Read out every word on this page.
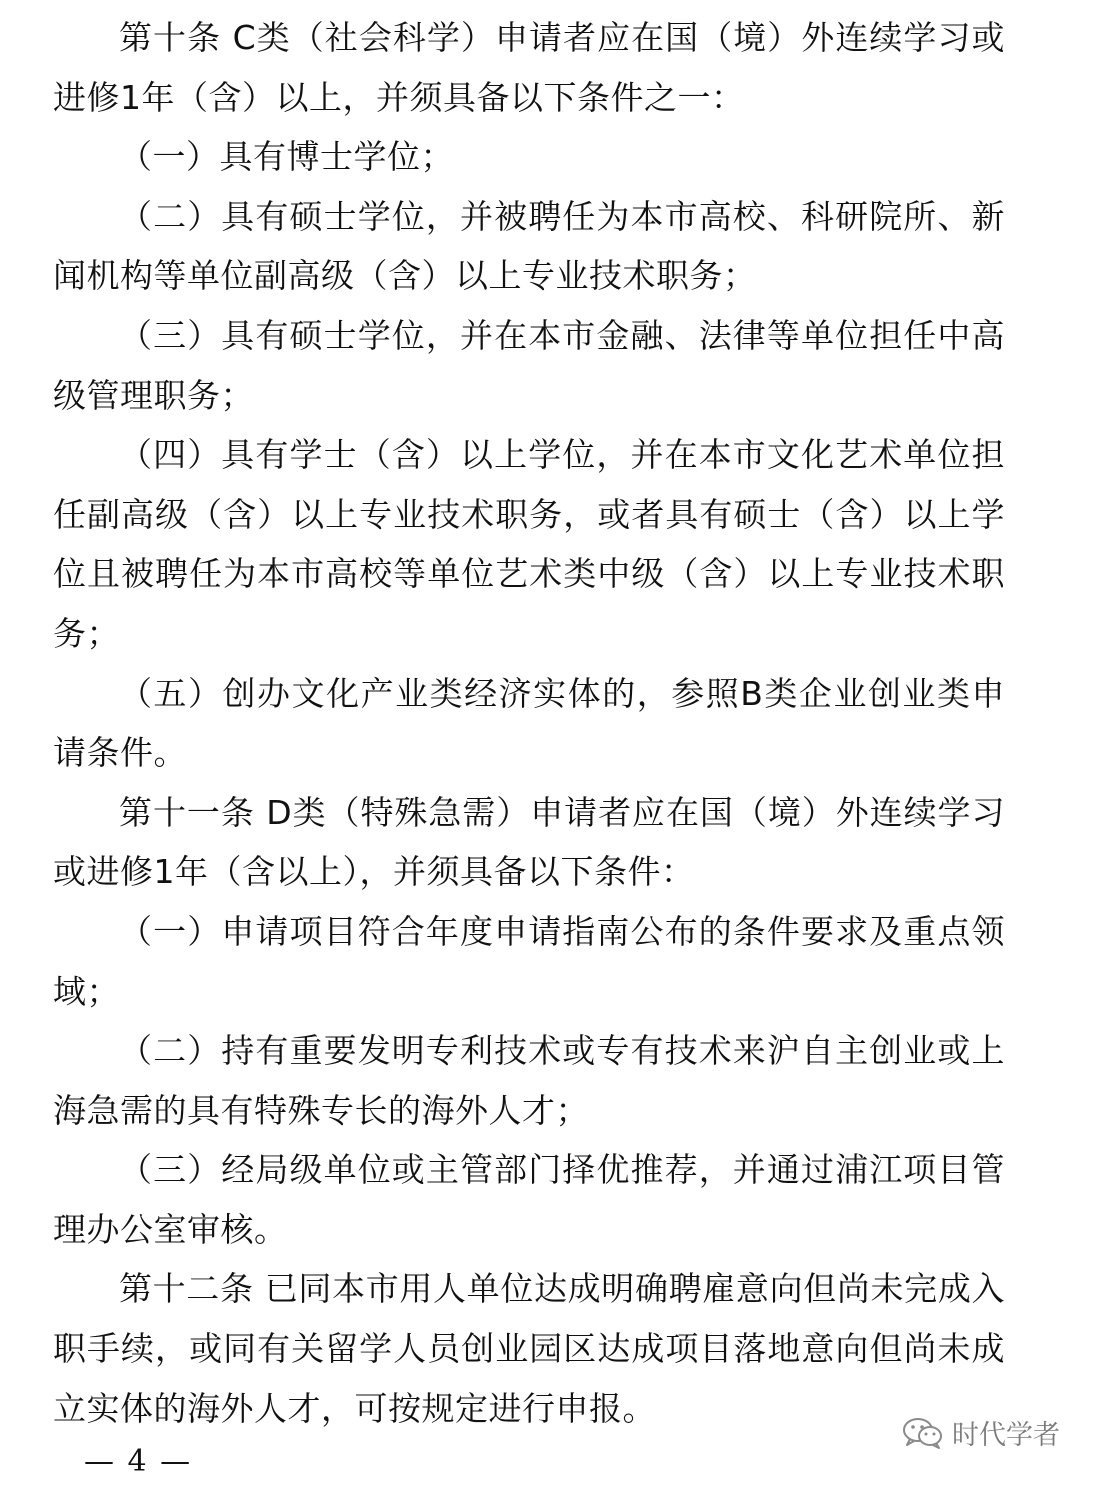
第十条 C类（社会科学）申请者应在国（境）外连续学习或进修1年（含）以上，并须具备以下条件之一：

（一）具有博士学位；

（二）具有硕士学位，并被聘任为本市高校、科研院所、新闻机构等单位副高级（含）以上专业技术职务；

（三）具有硕士学位，并在本市金融、法律等单位担任中高级管理职务；

（四）具有学士（含）以上学位，并在本市文化艺术单位担任副高级（含）以上专业技术职务，或者具有硕士（含）以上学位且被聘任为本市高校等单位艺术类中级（含）以上专业技术职务；

（五）创办文化产业类经济实体的，参照B类企业创业类申请条件。

第十一条 D类（特殊急需）申请者应在国（境）外连续学习或进修1年（含以上），并须具备以下条件：

（一）申请项目符合年度申请指南公布的条件要求及重点领域；

（二）持有重要发明专利技术或专有技术来沪自主创业或上海急需的具有特殊专长的海外人才；

（三）经局级单位或主管部门择优推荐，并通过浦江项目管理办公室审核。

第十二条 已同本市用人单位达成明确聘雇意向但尚未完成入职手续，或同有关留学人员创业园区达成项目落地意向但尚未成立实体的海外人才，可按规定进行申报。

— 4 —
时代学者
